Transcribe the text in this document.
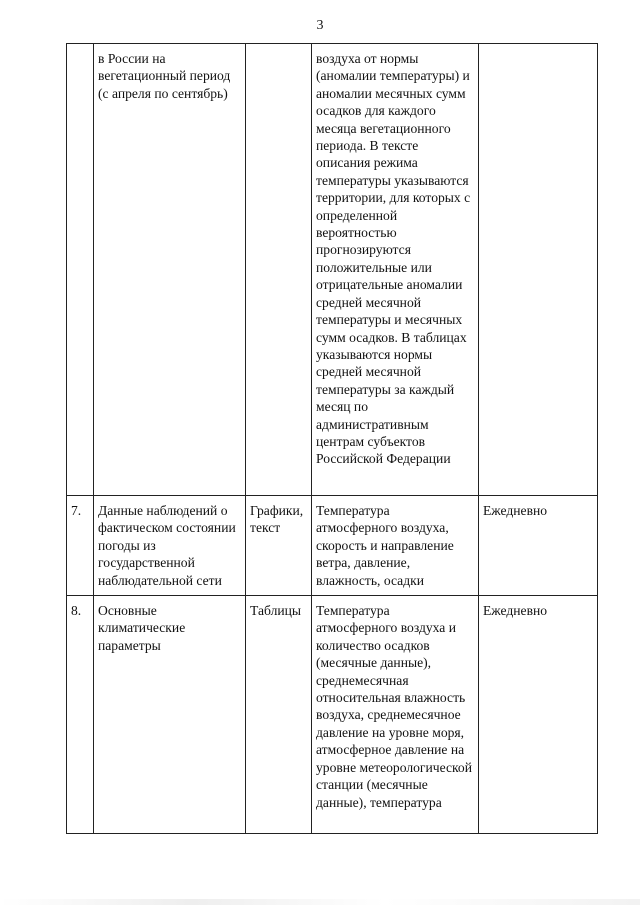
3
	в России на вегетационный период (с апреля по сентябрь)		воздуха от нормы (аномалии температуры) и аномалии месячных сумм осадков для каждого месяца вегетационного периода. В тексте описания режима температуры указываются территории, для которых с определенной вероятностью прогнозируются положительные или отрицательные аномалии средней месячной температуры и месячных сумм осадков. В таблицах указываются нормы средней месячной температуры за каждый месяц по административным центрам субъектов Российской Федерации	
7.	Данные наблюдений о фактическом состоянии погоды из государственной наблюдательной сети	Графики, текст	Температура атмосферного воздуха, скорость и направление ветра, давление, влажность, осадки	Ежедневно
8.	Основные климатические параметры	Таблицы	Температура атмосферного воздуха и количество осадков (месячные данные), среднемесячная относительная влажность воздуха, среднемесячное давление на уровне моря, атмосферное давление на уровне метеорологической станции (месячные данные), температура	Ежедневно
